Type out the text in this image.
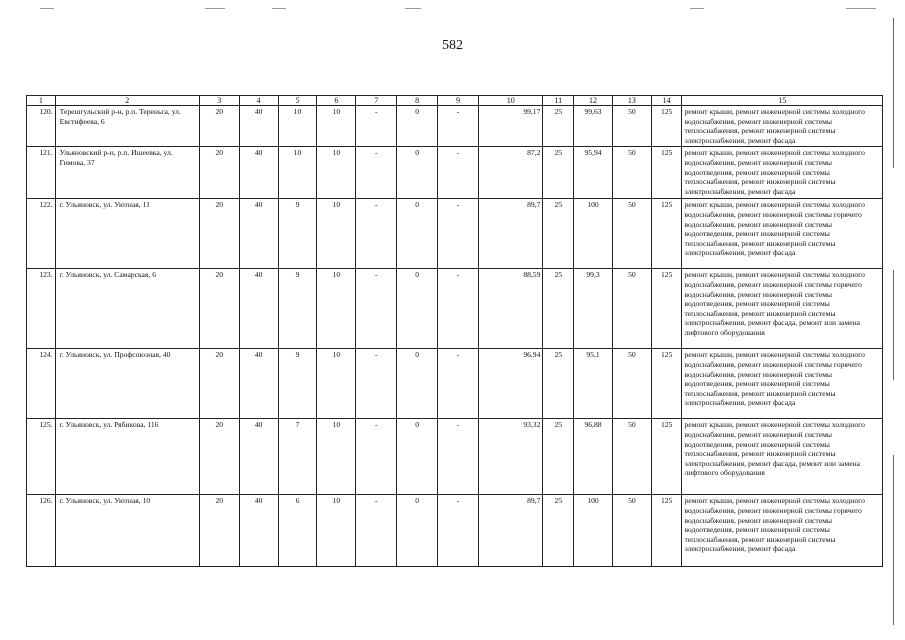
582
1	2	3	4	5	6	7	8	9	10	11	12	13	14	15
120.	Терешгульский р-н, р.п. Тереньга, ул. Евстифеева, 6	20	40	10	10	-	0	-	99,17	25	99,63	50	125	ремонт крыши, ремонт инженерной системы холодного водоснабжения, ремонт инженерной системы теплоснабжения, ремонт инженерной системы электроснабжения, ремонт фасада
121.	Ульяновский р-н, р.п. Ишеевка, ул. Гимова, 37	20	40	10	10	-	0	-	87,2	25	95,94	50	125	ремонт крыши, ремонт инженерной системы холодного водоснабжения, ремонт инженерной системы водоотведения, ремонт инженерной системы теплоснабжения, ремонт инженерной системы электроснабжения, ремонт фасада
122.	г. Ульяновск, ул. Уютная, 11	20	40	9	10	-	0	-	89,7	25	100	50	125	ремонт крыши, ремонт инженерной системы холодного водоснабжения, ремонт инженерной системы горячего водоснабжения, ремонт инженерной системы водоотведения, ремонт инженерной системы теплоснабжения, ремонт инженерной системы электроснабжения, ремонт фасада
123.	г. Ульяновск, ул. Самарская, 6	20	40	9	10	-	0	-	88,59	25	99,3	50	125	ремонт крыши, ремонт инженерной системы холодного водоснабжения, ремонт инженерной системы горячего водоснабжения, ремонт инженерной системы водоотведения, ремонт инженерной системы теплоснабжения, ремонт инженерной системы электроснабжения, ремонт фасада, ремонт или замена лифтового оборудования
124.	г. Ульяновск, ул. Профсоюзная, 40	20	40	9	10	-	0	-	96,94	25	95,1	50	125	ремонт крыши, ремонт инженерной системы холодного водоснабжения, ремонт инженерной системы горячего водоснабжения, ремонт инженерной системы водоотведения, ремонт инженерной системы теплоснабжения, ремонт инженерной системы электроснабжения, ремонт фасада
125.	г. Ульяновск, ул. Рябикова, 116	20	40	7	10	-	0	-	93,32	25	96,88	50	125	ремонт крыши, ремонт инженерной системы холодного водоснабжения, ремонт инженерной системы водоотведения, ремонт инженерной системы теплоснабжения, ремонт инженерной системы электроснабжения, ремонт фасада, ремонт или замена лифтового оборудования
126.	г. Ульяновск, ул. Уютная, 10	20	40	6	10	-	0	-	89,7	25	100	50	125	ремонт крыши, ремонт инженерной системы холодного водоснабжения, ремонт инженерной системы горячего водоснабжения, ремонт инженерной системы водоотведения, ремонт инженерной системы теплоснабжения, ремонт инженерной системы электроснабжения, ремонт фасада
